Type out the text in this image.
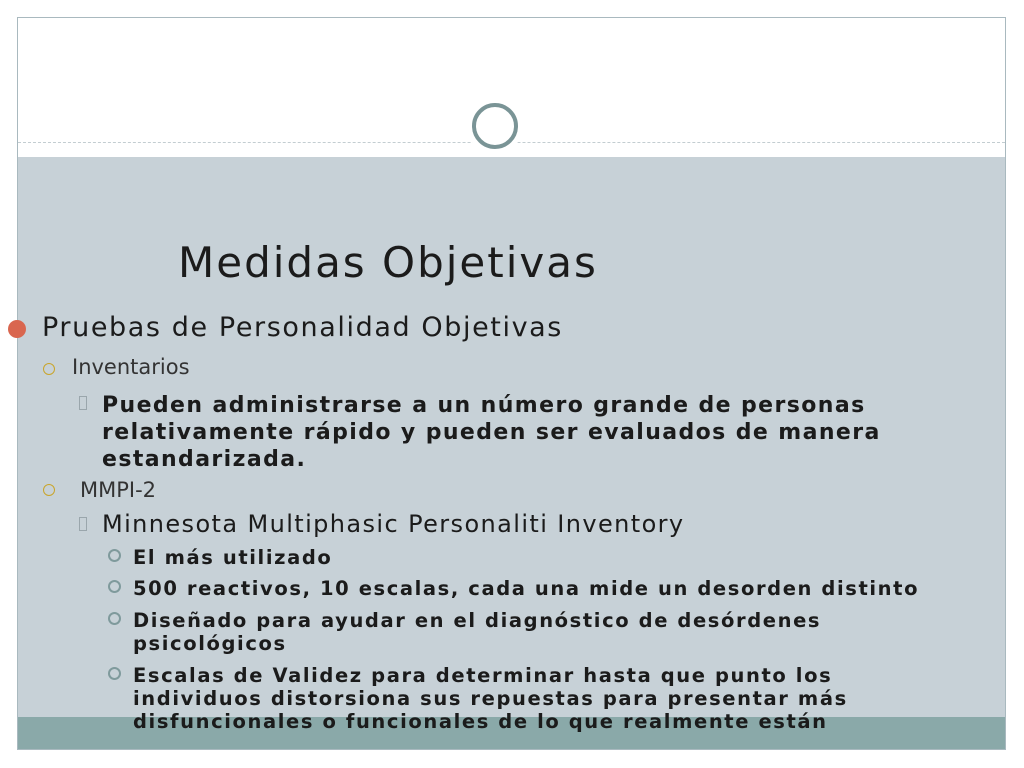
Medidas Objetivas
Pruebas de Personalidad Objetivas
Inventarios
Pueden administrarse a un número grande de personas
relativamente rápido y pueden ser evaluados de manera
estandarizada.
MMPI-2
Minnesota Multiphasic Personaliti Inventory
El más utilizado
500 reactivos, 10 escalas, cada una mide un desorden distinto
Diseñado para ayudar en el diagnóstico de desórdenes
psicológicos
Escalas de Validez para determinar hasta que punto los
individuos distorsiona sus repuestas para presentar más
disfuncionales o funcionales de lo que realmente están
